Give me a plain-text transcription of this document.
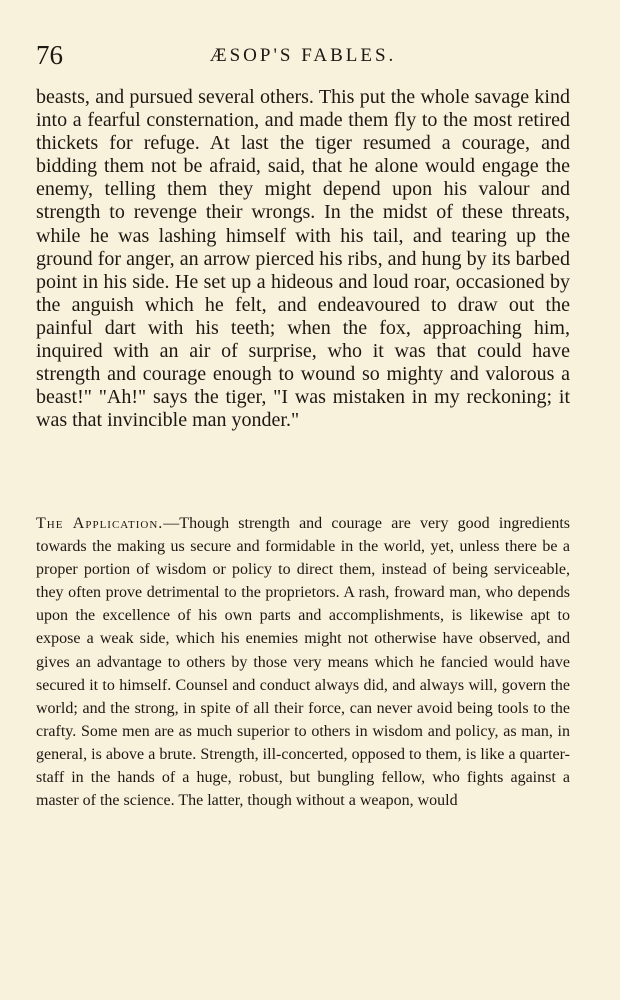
76	ÆSOP'S FABLES.

beasts, and pursued several others. This put the whole savage kind into a fearful consternation, and made them fly to the most retired thickets for refuge. At last the tiger resumed a courage, and bidding them not be afraid, said, that he alone would engage the enemy, telling them they might depend upon his valour and strength to revenge their wrongs. In the midst of these threats, while he was lashing himself with his tail, and tearing up the ground for anger, an arrow pierced his ribs, and hung by its barbed point in his side. He set up a hideous and loud roar, occasioned by the anguish which he felt, and endeavoured to draw out the painful dart with his teeth; when the fox, approaching him, inquired with an air of surprise, who it was that could have strength and courage enough to wound so mighty and valorous a beast!" "Ah!" says the tiger, "I was mistaken in my reckoning; it was that invincible man yonder."

The Application.—Though strength and courage are very good ingredients towards the making us secure and formidable in the world, yet, unless there be a proper portion of wisdom or policy to direct them, instead of being serviceable, they often prove detrimental to the proprietors. A rash, froward man, who depends upon the excellence of his own parts and accomplishments, is likewise apt to expose a weak side, which his enemies might not otherwise have observed, and gives an advantage to others by those very means which he fancied would have secured it to himself. Counsel and conduct always did, and always will, govern the world; and the strong, in spite of all their force, can never avoid being tools to the crafty. Some men are as much superior to others in wisdom and policy, as man, in general, is above a brute. Strength, ill-concerted, opposed to them, is like a quarter-staff in the hands of a huge, robust, but bungling fellow, who fights against a master of the science. The latter, though without a weapon, would
